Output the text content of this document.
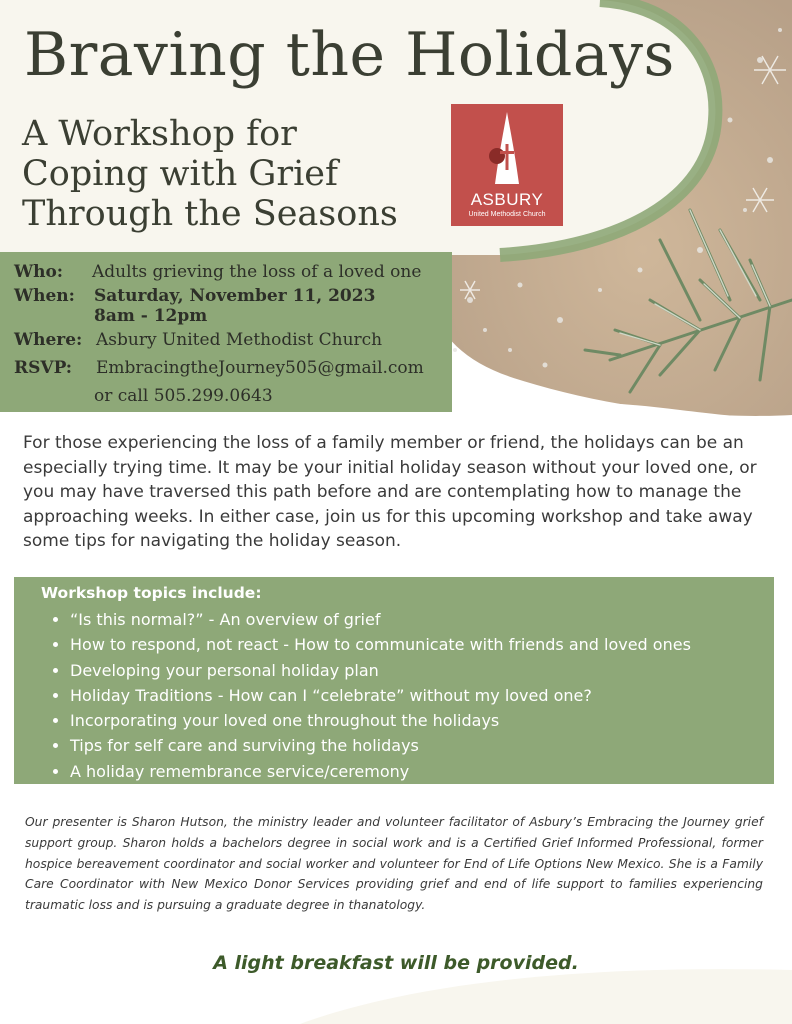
Braving the Holidays
A Workshop for
Coping with Grief
Through the Seasons	ASBURY
United Methodist Church
Who: Adults grieving the loss of a loved one
When: Saturday, November 11, 2023
8am - 12pm
Where: Asbury United Methodist Church
RSVP: EmbracingtheJourney505@gmail.com
or call 505.299.0643

For those experiencing the loss of a family member or friend, the holidays can be an especially trying time. It may be your initial holiday season without your loved one, or you may have traversed this path before and are contemplating how to manage the approaching weeks. In either case, join us for this upcoming workshop and take away some tips for navigating the holiday season.

Workshop topics include:
• “Is this normal?” - An overview of grief
• How to respond, not react - How to communicate with friends and loved ones
• Developing your personal holiday plan
• Holiday Traditions - How can I “celebrate” without my loved one?
• Incorporating your loved one throughout the holidays
• Tips for self care and surviving the holidays
• A holiday remembrance service/ceremony

Our presenter is Sharon Hutson, the ministry leader and volunteer facilitator of Asbury’s Embracing the Journey grief support group. Sharon holds a bachelors degree in social work and is a Certified Grief Informed Professional, former hospice bereavement coordinator and social worker and volunteer for End of Life Options New Mexico. She is a Family Care Coordinator with New Mexico Donor Services providing grief and end of life support to families experiencing traumatic loss and is pursuing a graduate degree in thanatology.

A light breakfast will be provided.
